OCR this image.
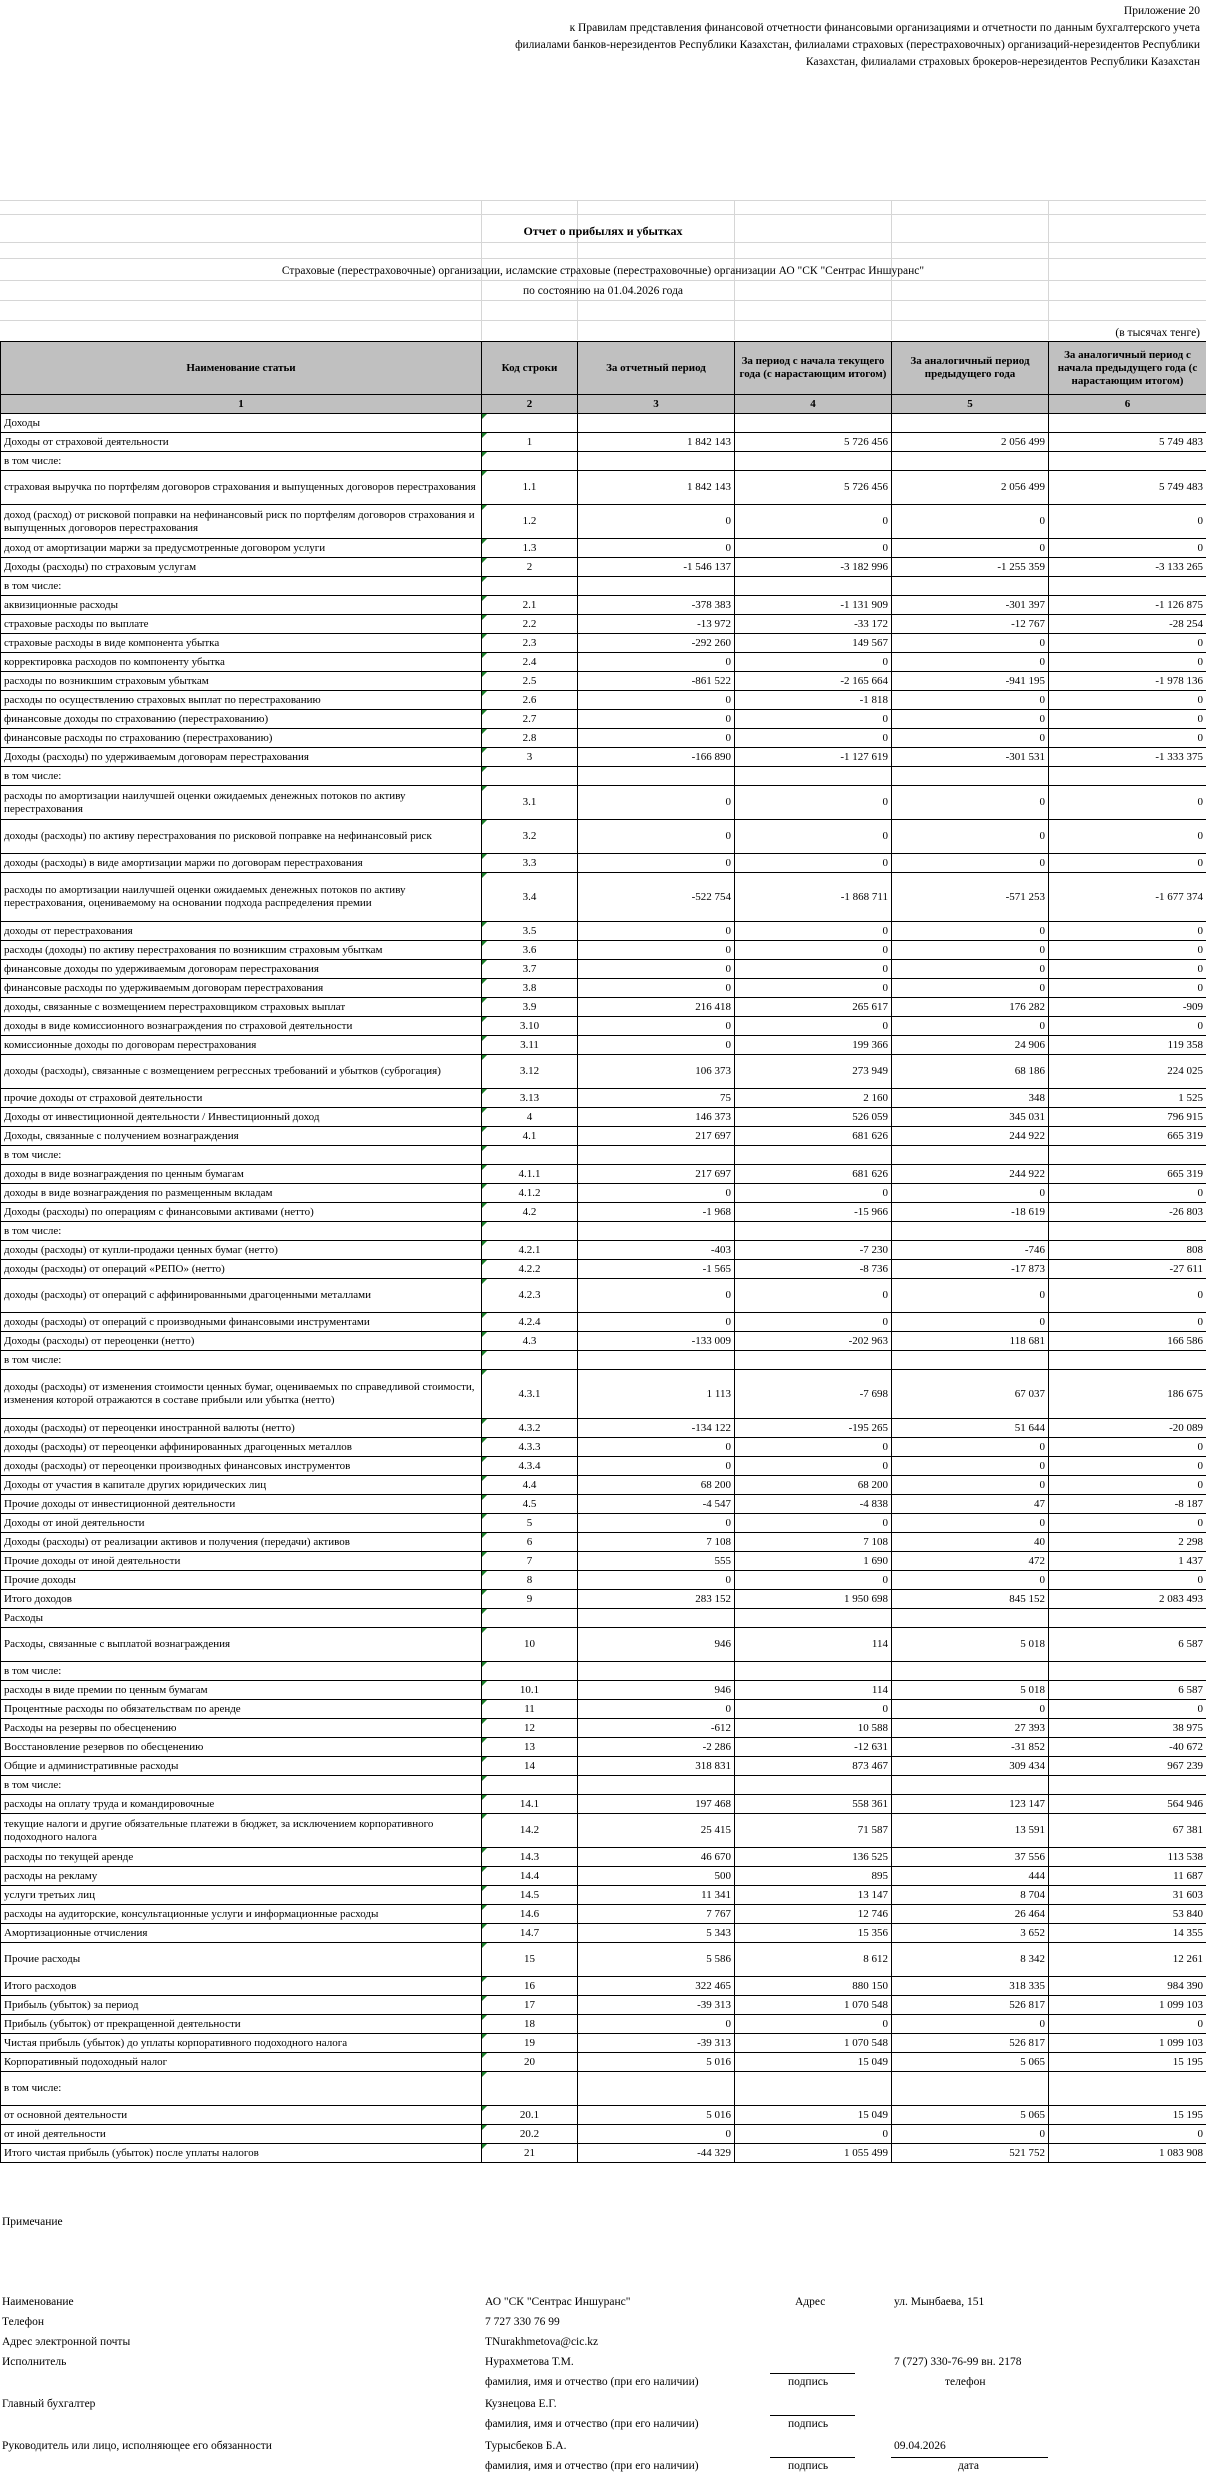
Приложение 20
к Правилам представления финансовой отчетности финансовыми организациями и отчетности по данным бухгалтерского учета
филиалами банков-нерезидентов Республики Казахстан, филиалами страховых (перестраховочных) организаций-нерезидентов Республики
Казахстан, филиалами страховых брокеров-нерезидентов Республики Казахстан
Отчет о прибылях и убытках
Страховые (перестраховочные) организации, исламские страховые (перестраховочные) организации АО "СК "Сентрас Иншуранс"
по состоянию на 01.04.2026 года
(в тысячах тенге)
Наименование статьи	Код строки	За отчетный период	За период с начала текущего года (с нарастающим итогом)	За аналогичный период предыдущего года	За аналогичный период с начала предыдущего года (с нарастающим итогом)
1	2	3	4	5	6
Доходы					
Доходы от страховой деятельности	1	1 842 143	5 726 456	2 056 499	5 749 483
в том числе:					
страховая выручка по портфелям договоров страхования и выпущенных договоров перестрахования	1.1	1 842 143	5 726 456	2 056 499	5 749 483
доход (расход) от рисковой поправки на нефинансовый риск по портфелям договоров страхования и выпущенных договоров перестрахования	1.2	0	0	0	0
доход от амортизации маржи за предусмотренные договором услуги	1.3	0	0	0	0
Доходы (расходы) по страховым услугам	2	-1 546 137	-3 182 996	-1 255 359	-3 133 265
в том числе:					
аквизиционные расходы	2.1	-378 383	-1 131 909	-301 397	-1 126 875
страховые расходы по выплате	2.2	-13 972	-33 172	-12 767	-28 254
страховые расходы в виде компонента убытка	2.3	-292 260	149 567	0	0
корректировка расходов по компоненту убытка	2.4	0	0	0	0
расходы по возникшим страховым убыткам	2.5	-861 522	-2 165 664	-941 195	-1 978 136
расходы по осуществлению страховых выплат по перестрахованию	2.6	0	-1 818	0	0
финансовые доходы по страхованию (перестрахованию)	2.7	0	0	0	0
финансовые расходы по страхованию (перестрахованию)	2.8	0	0	0	0
Доходы (расходы) по удерживаемым договорам перестрахования	3	-166 890	-1 127 619	-301 531	-1 333 375
в том числе:					
расходы по амортизации наилучшей оценки ожидаемых денежных потоков по активу перестрахования	3.1	0	0	0	0
доходы (расходы) по активу перестрахования по рисковой поправке на нефинансовый риск	3.2	0	0	0	0
доходы (расходы) в виде амортизации маржи по договорам перестрахования	3.3	0	0	0	0
расходы по амортизации наилучшей оценки ожидаемых денежных потоков по активу перестрахования, оцениваемому на основании подхода распределения премии	3.4	-522 754	-1 868 711	-571 253	-1 677 374
доходы от перестрахования	3.5	0	0	0	0
расходы (доходы) по активу перестрахования по возникшим страховым убыткам	3.6	0	0	0	0
финансовые доходы по удерживаемым договорам перестрахования	3.7	0	0	0	0
финансовые расходы по удерживаемым договорам перестрахования	3.8	0	0	0	0
доходы, связанные с возмещением перестраховщиком страховых выплат	3.9	216 418	265 617	176 282	-909
доходы в виде комиссионного вознаграждения по страховой деятельности	3.10	0	0	0	0
комиссионные доходы по договорам перестрахования	3.11	0	199 366	24 906	119 358
доходы (расходы), связанные с возмещением регрессных требований и убытков (суброгация)	3.12	106 373	273 949	68 186	224 025
прочие доходы от страховой деятельности	3.13	75	2 160	348	1 525
Доходы от инвестиционной деятельности / Инвестиционный доход	4	146 373	526 059	345 031	796 915
Доходы, связанные с получением вознаграждения	4.1	217 697	681 626	244 922	665 319
в том числе:					
доходы в виде вознаграждения по ценным бумагам	4.1.1	217 697	681 626	244 922	665 319
доходы в виде вознаграждения по размещенным вкладам	4.1.2	0	0	0	0
Доходы (расходы) по операциям с финансовыми активами (нетто)	4.2	-1 968	-15 966	-18 619	-26 803
в том числе:					
доходы (расходы) от купли-продажи ценных бумаг (нетто)	4.2.1	-403	-7 230	-746	808
доходы (расходы) от операций «РЕПО» (нетто)	4.2.2	-1 565	-8 736	-17 873	-27 611
доходы (расходы) от операций с аффинированными драгоценными металлами	4.2.3	0	0	0	0
доходы (расходы) от операций с производными финансовыми инструментами	4.2.4	0	0	0	0
Доходы (расходы) от переоценки (нетто)	4.3	-133 009	-202 963	118 681	166 586
в том числе:					
доходы (расходы) от изменения стоимости ценных бумаг, оцениваемых по справедливой стоимости, изменения которой отражаются в составе прибыли или убытка (нетто)	4.3.1	1 113	-7 698	67 037	186 675
доходы (расходы) от переоценки иностранной валюты (нетто)	4.3.2	-134 122	-195 265	51 644	-20 089
доходы (расходы) от переоценки аффинированных драгоценных металлов	4.3.3	0	0	0	0
доходы (расходы) от переоценки производных финансовых инструментов	4.3.4	0	0	0	0
Доходы от участия в капитале других юридических лиц	4.4	68 200	68 200	0	0
Прочие доходы от инвестиционной деятельности	4.5	-4 547	-4 838	47	-8 187
Доходы от иной деятельности	5	0	0	0	0
Доходы (расходы) от реализации активов и получения (передачи) активов	6	7 108	7 108	40	2 298
Прочие доходы от иной деятельности	7	555	1 690	472	1 437
Прочие доходы	8	0	0	0	0
Итого доходов	9	283 152	1 950 698	845 152	2 083 493
Расходы					
Расходы, связанные с выплатой вознаграждения	10	946	114	5 018	6 587
в том числе:					
расходы в виде премии по ценным бумагам	10.1	946	114	5 018	6 587
Процентные расходы по обязательствам по аренде	11	0	0	0	0
Расходы на резервы по обесценению	12	-612	10 588	27 393	38 975
Восстановление резервов по обесценению	13	-2 286	-12 631	-31 852	-40 672
Общие и административные расходы	14	318 831	873 467	309 434	967 239
в том числе:					
расходы на оплату труда и командировочные	14.1	197 468	558 361	123 147	564 946
текущие налоги и другие обязательные платежи в бюджет, за исключением корпоративного подоходного налога	14.2	25 415	71 587	13 591	67 381
расходы по текущей аренде	14.3	46 670	136 525	37 556	113 538
расходы на рекламу	14.4	500	895	444	11 687
услуги третьих лиц	14.5	11 341	13 147	8 704	31 603
расходы на аудиторские, консультационные услуги и информационные расходы	14.6	7 767	12 746	26 464	53 840
Амортизационные отчисления	14.7	5 343	15 356	3 652	14 355
Прочие расходы	15	5 586	8 612	8 342	12 261
Итого расходов	16	322 465	880 150	318 335	984 390
Прибыль (убыток) за период	17	-39 313	1 070 548	526 817	1 099 103
Прибыль (убыток) от прекращенной деятельности	18	0	0	0	0
Чистая прибыль (убыток) до уплаты корпоративного подоходного налога	19	-39 313	1 070 548	526 817	1 099 103
Корпоративный подоходный налог	20	5 016	15 049	5 065	15 195
в том числе:					
от основной деятельности	20.1	5 016	15 049	5 065	15 195
от иной деятельности	20.2	0	0	0	0
Итого чистая прибыль (убыток) после уплаты налогов	21	-44 329	1 055 499	521 752	1 083 908
Примечание
Наименование	АО "СК "Сентрас Иншуранс"	Адрес	ул. Мынбаева, 151
Телефон	7 727 330 76 99
Адрес электронной почты	TNurakhmetova@cic.kz
Исполнитель	Нурахметова Т.М.	7 (727) 330-76-99 вн. 2178
фамилия, имя и отчество (при его наличии)	подпись	телефон
Главный бухгалтер	Кузнецова Е.Г.
фамилия, имя и отчество (при его наличии)	подпись
Руководитель или лицо, исполняющее его обязанности	Турысбеков Б.А.	09.04.2026
фамилия, имя и отчество (при его наличии)	подпись	дата
